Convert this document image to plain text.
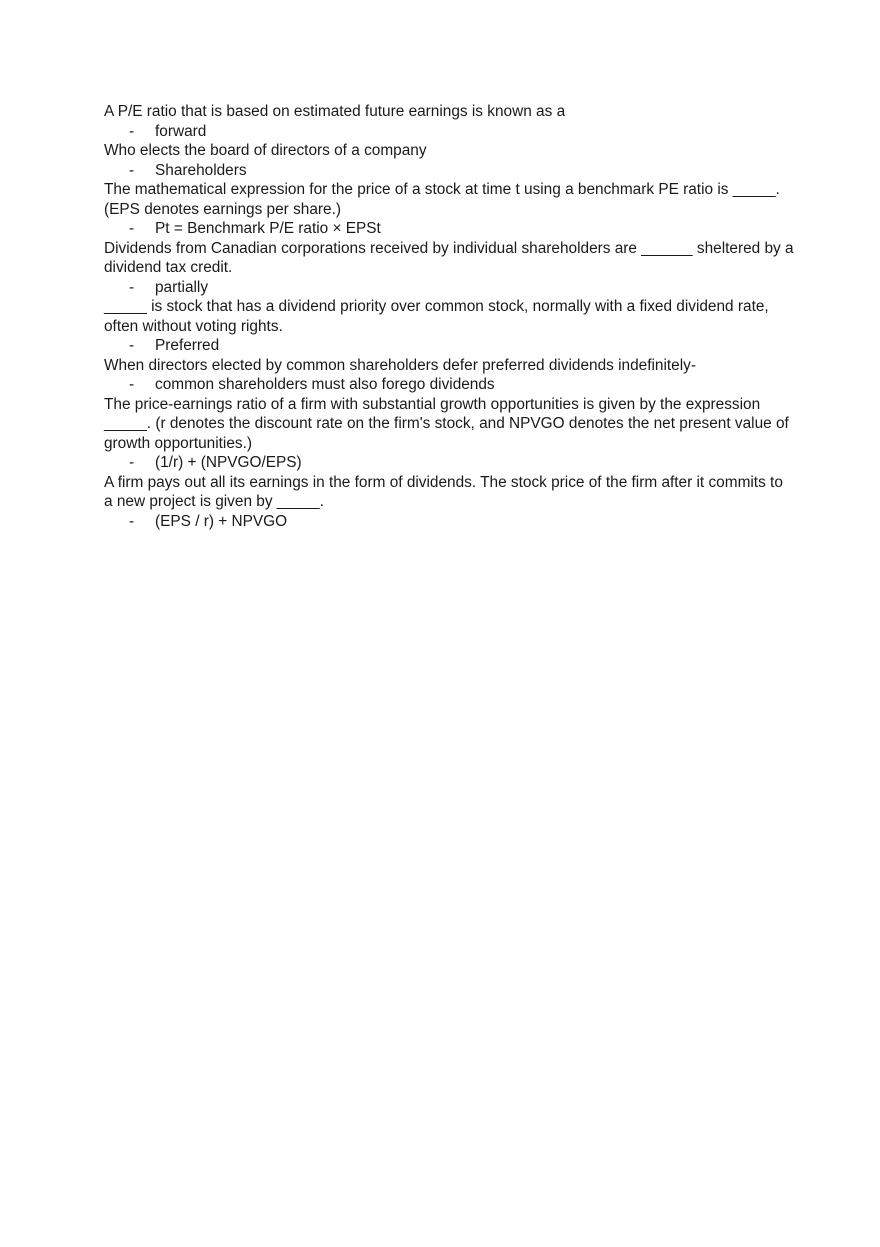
A P/E ratio that is based on estimated future earnings is known as a

- forward

Who elects the board of directors of a company

- Shareholders

The mathematical expression for the price of a stock at time t using a benchmark PE ratio is _____. (EPS denotes earnings per share.)

- Pt = Benchmark P/E ratio × EPSt

Dividends from Canadian corporations received by individual shareholders are ______ sheltered by a dividend tax credit.

- partially

_____ is stock that has a dividend priority over common stock, normally with a fixed dividend rate, often without voting rights.

- Preferred

When directors elected by common shareholders defer preferred dividends indefinitely-

- common shareholders must also forego dividends

The price-earnings ratio of a firm with substantial growth opportunities is given by the expression _____. (r denotes the discount rate on the firm's stock, and NPVGO denotes the net present value of growth opportunities.)

- (1/r) + (NPVGO/EPS)

A firm pays out all its earnings in the form of dividends. The stock price of the firm after it commits to a new project is given by _____.

- (EPS / r) + NPVGO
